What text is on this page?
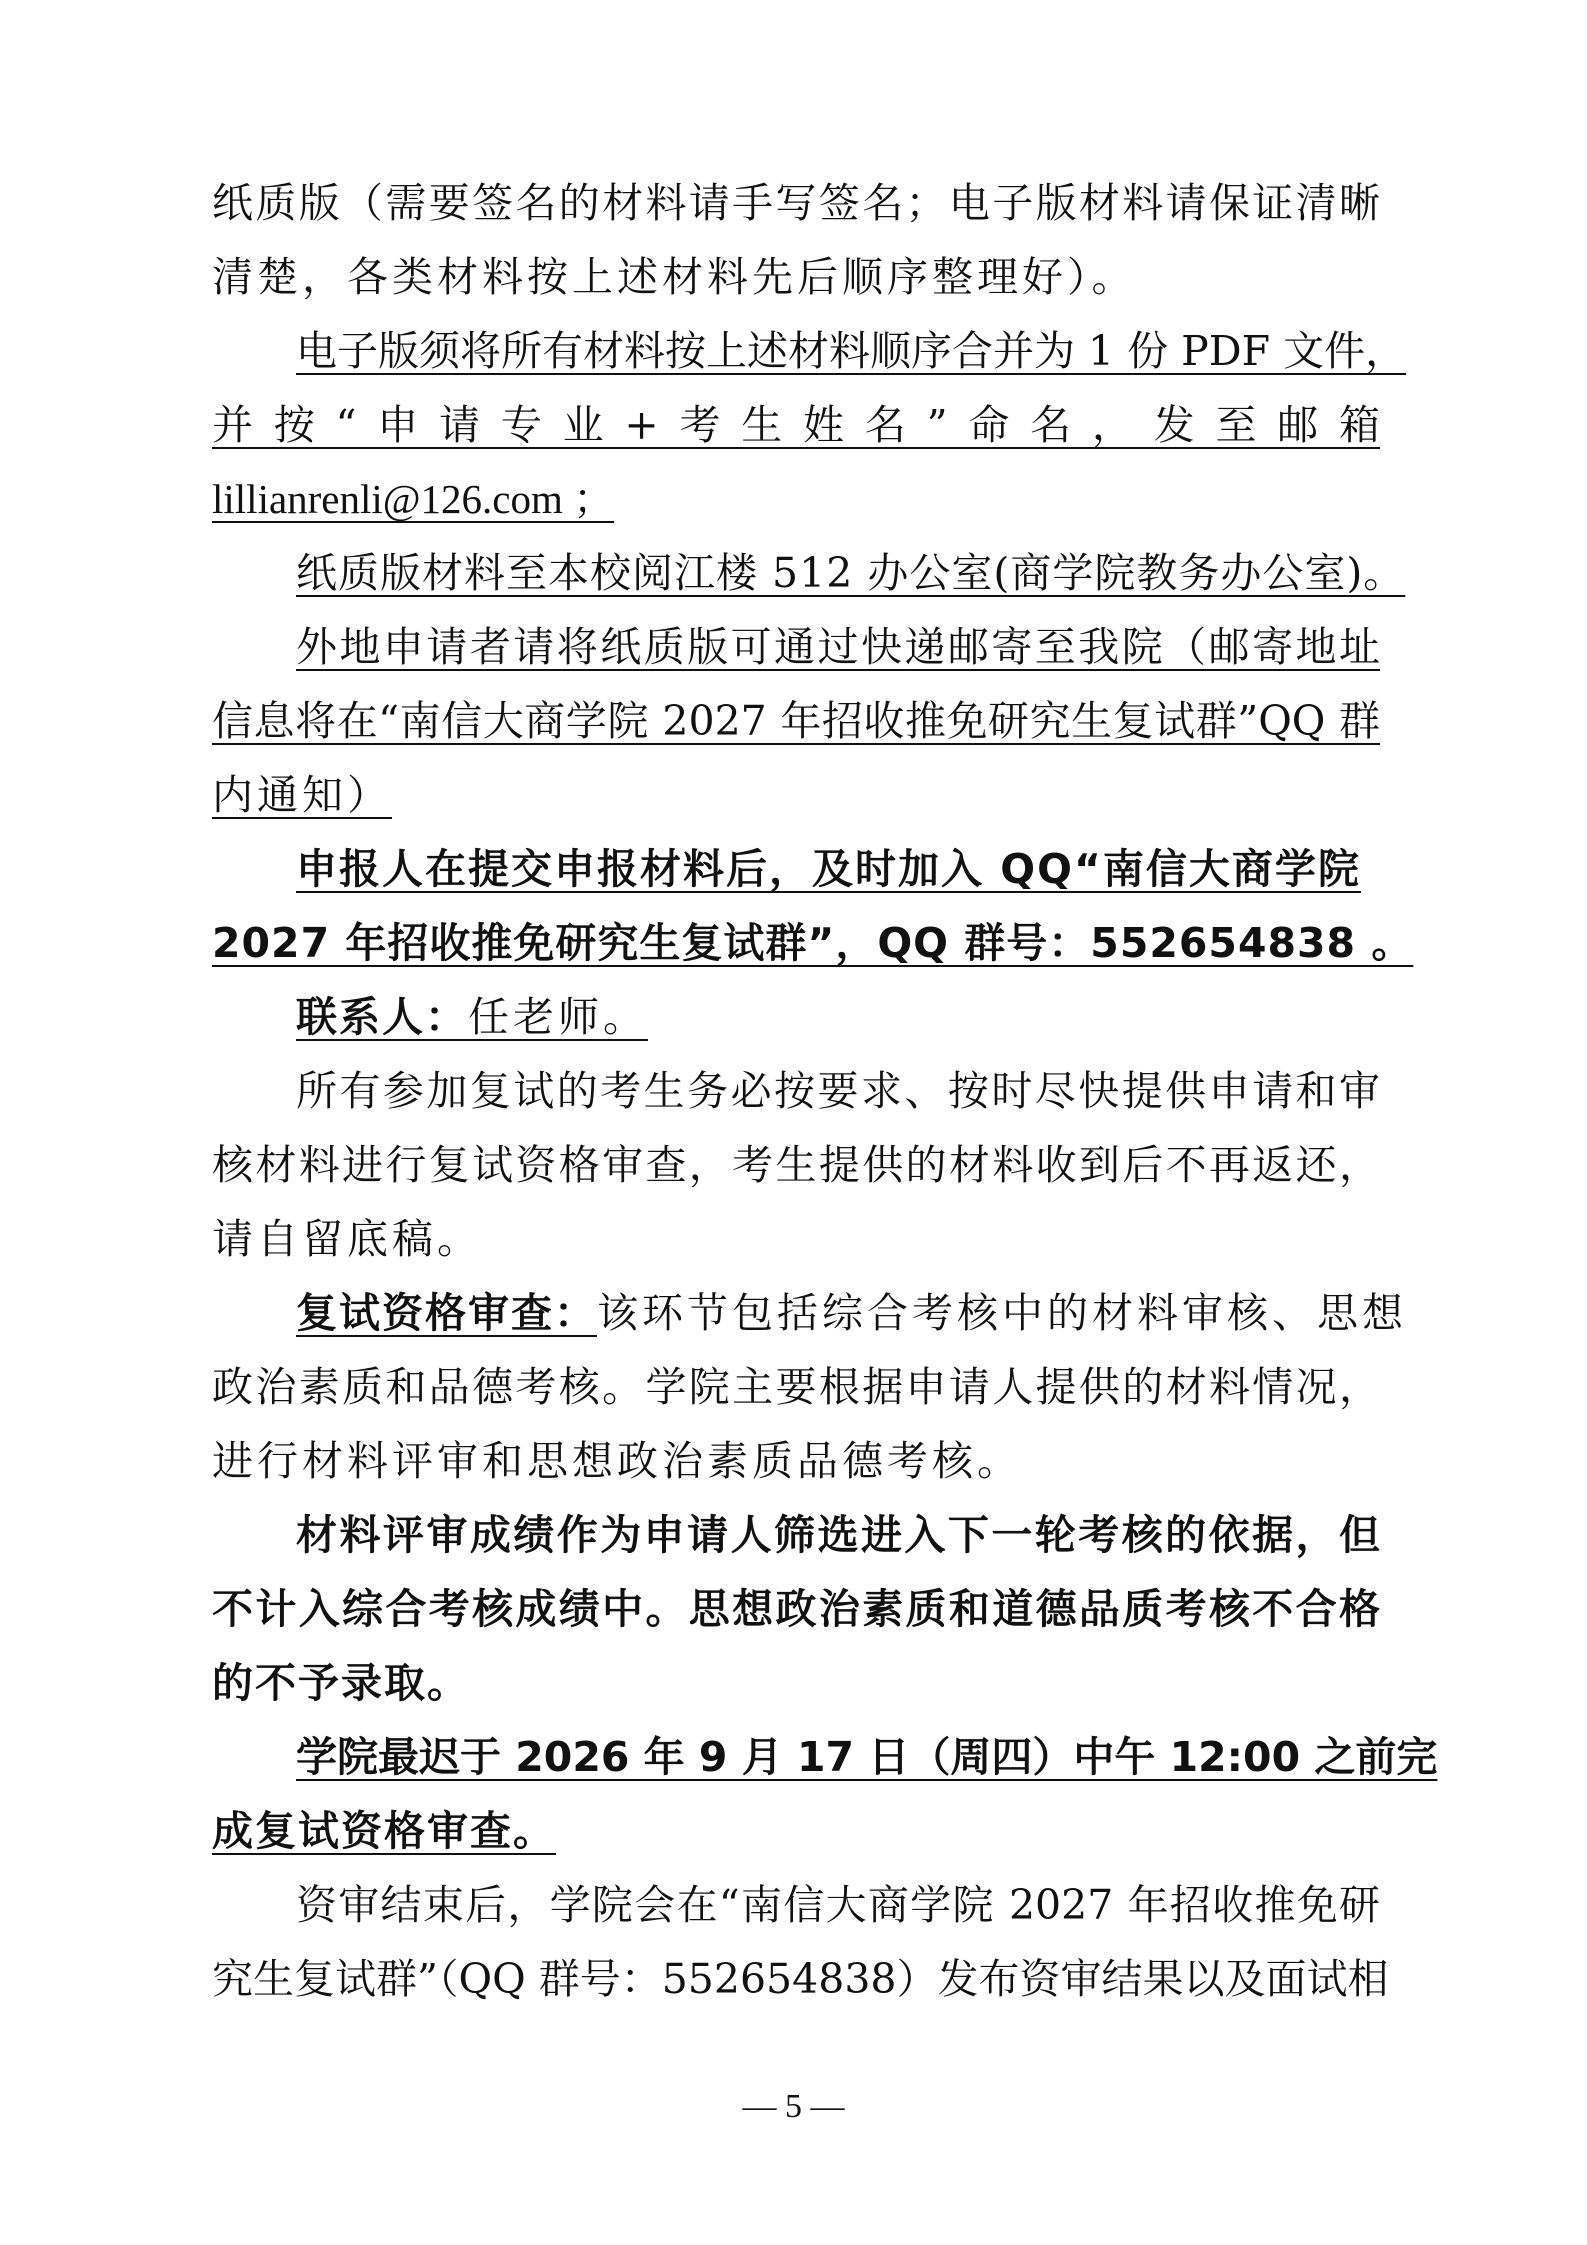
纸质版（需要签名的材料请手写签名；电子版材料请保证清晰
清楚，各类材料按上述材料先后顺序整理好）。
电子版须将所有材料按上述材料顺序合并为 1 份 PDF 文件，
并按“申请专业+考生姓名”命名，发至邮箱
lillianrenli@126.com ；
纸质版材料至本校阅江楼 512 办公室(商学院教务办公室)。
外地申请者请将纸质版可通过快递邮寄至我院（邮寄地址
信息将在“南信大商学院 2027 年招收推免研究生复试群”QQ 群
内通知）
申报人在提交申报材料后，及时加入 QQ“南信大商学院
2027 年招收推免研究生复试群”，QQ 群号：552654838 。
联系人：任老师。
所有参加复试的考生务必按要求、按时尽快提供申请和审
核材料进行复试资格审查，考生提供的材料收到后不再返还，
请自留底稿。
复试资格审查：该环节包括综合考核中的材料审核、思想
政治素质和品德考核。学院主要根据申请人提供的材料情况，
进行材料评审和思想政治素质品德考核。
材料评审成绩作为申请人筛选进入下一轮考核的依据，但
不计入综合考核成绩中。思想政治素质和道德品质考核不合格
的不予录取。
学院最迟于 2026 年 9 月 17 日（周四）中午 12:00 之前完
成复试资格审查。
资审结束后，学院会在“南信大商学院 2027 年招收推免研
究生复试群”（QQ 群号：552654838）发布资审结果以及面试相
— 5 —
